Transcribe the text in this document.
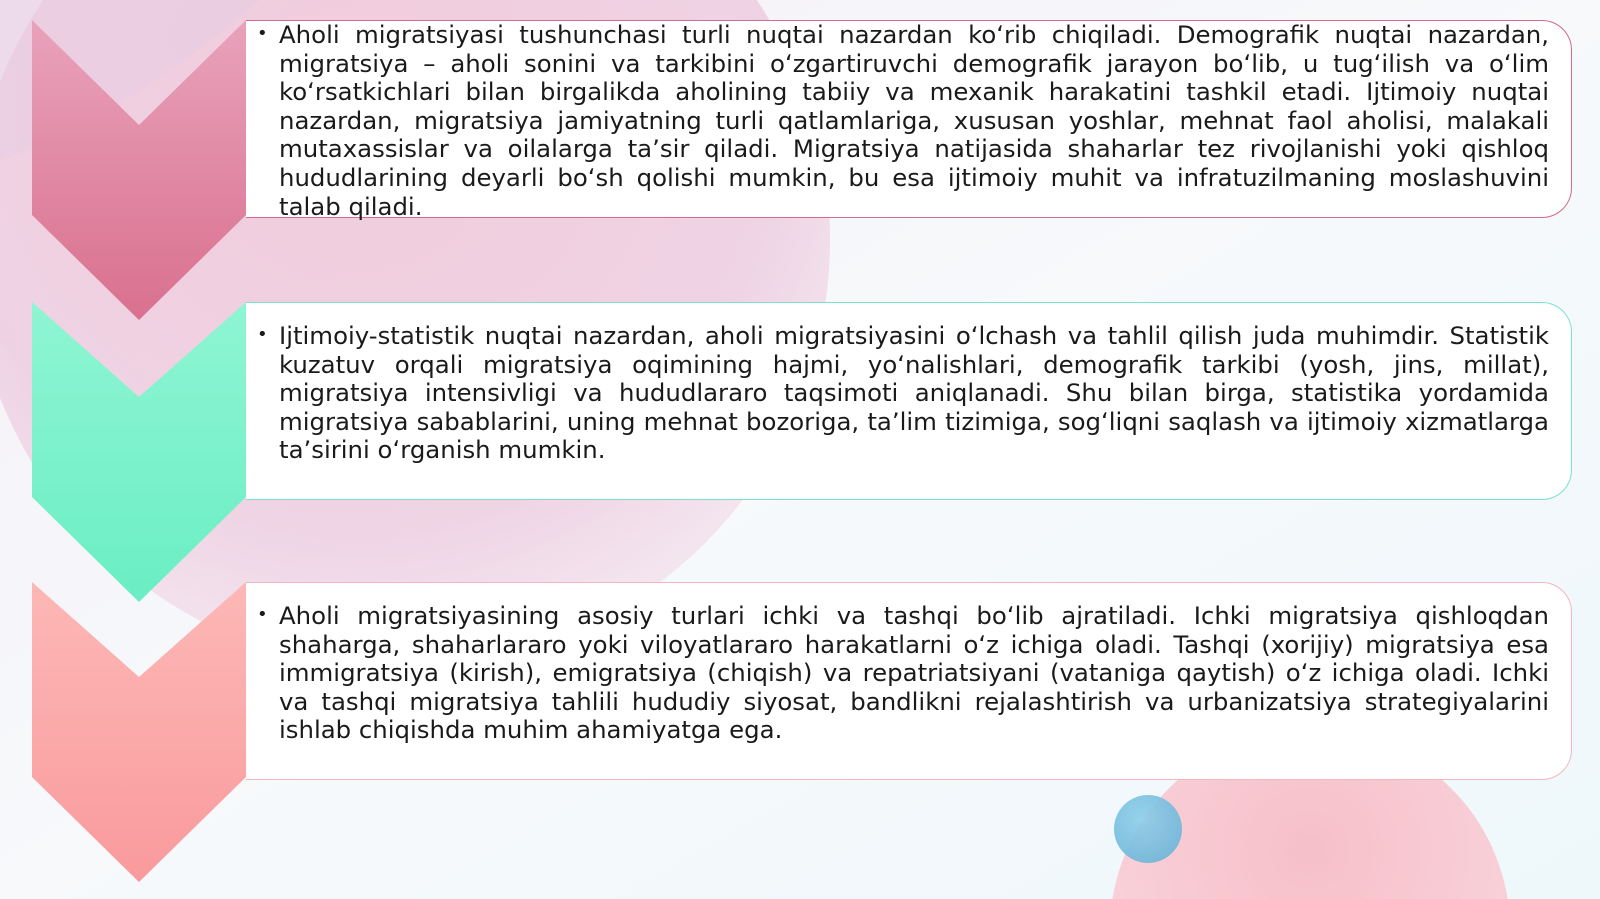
• Aholi migratsiyasi tushunchasi turli nuqtai nazardan koʻrib chiqiladi. Demografik nuqtai nazardan, migratsiya – aholi sonini va tarkibini oʻzgartiruvchi demografik jarayon boʻlib, u tugʻilish va oʻlim koʻrsatkichlari bilan birgalikda aholining tabiiy va mexanik harakatini tashkil etadi. Ijtimoiy nuqtai nazardan, migratsiya jamiyatning turli qatlamlariga, xususan yoshlar, mehnat faol aholisi, malakali mutaxassislar va oilalarga taʼsir qiladi. Migratsiya natijasida shaharlar tez rivojlanishi yoki qishloq hududlarining deyarli boʻsh qolishi mumkin, bu esa ijtimoiy muhit va infratuzilmaning moslashuvini talab qiladi.
• Ijtimoiy-statistik nuqtai nazardan, aholi migratsiyasini oʻlchash va tahlil qilish juda muhimdir. Statistik kuzatuv orqali migratsiya oqimining hajmi, yoʻnalishlari, demografik tarkibi (yosh, jins, millat), migratsiya intensivligi va hududlararo taqsimoti aniqlanadi. Shu bilan birga, statistika yordamida migratsiya sabablarini, uning mehnat bozoriga, taʼlim tizimiga, sogʻliqni saqlash va ijtimoiy xizmatlarga taʼsirini oʻrganish mumkin.
• Aholi migratsiyasining asosiy turlari ichki va tashqi boʻlib ajratiladi. Ichki migratsiya qishloqdan shaharga, shaharlararo yoki viloyatlararo harakatlarni oʻz ichiga oladi. Tashqi (xorijiy) migratsiya esa immigratsiya (kirish), emigratsiya (chiqish) va repatriatsiyani (vataniga qaytish) oʻz ichiga oladi. Ichki va tashqi migratsiya tahlili hududiy siyosat, bandlikni rejalashtirish va urbanizatsiya strategiyalarini ishlab chiqishda muhim ahamiyatga ega.
